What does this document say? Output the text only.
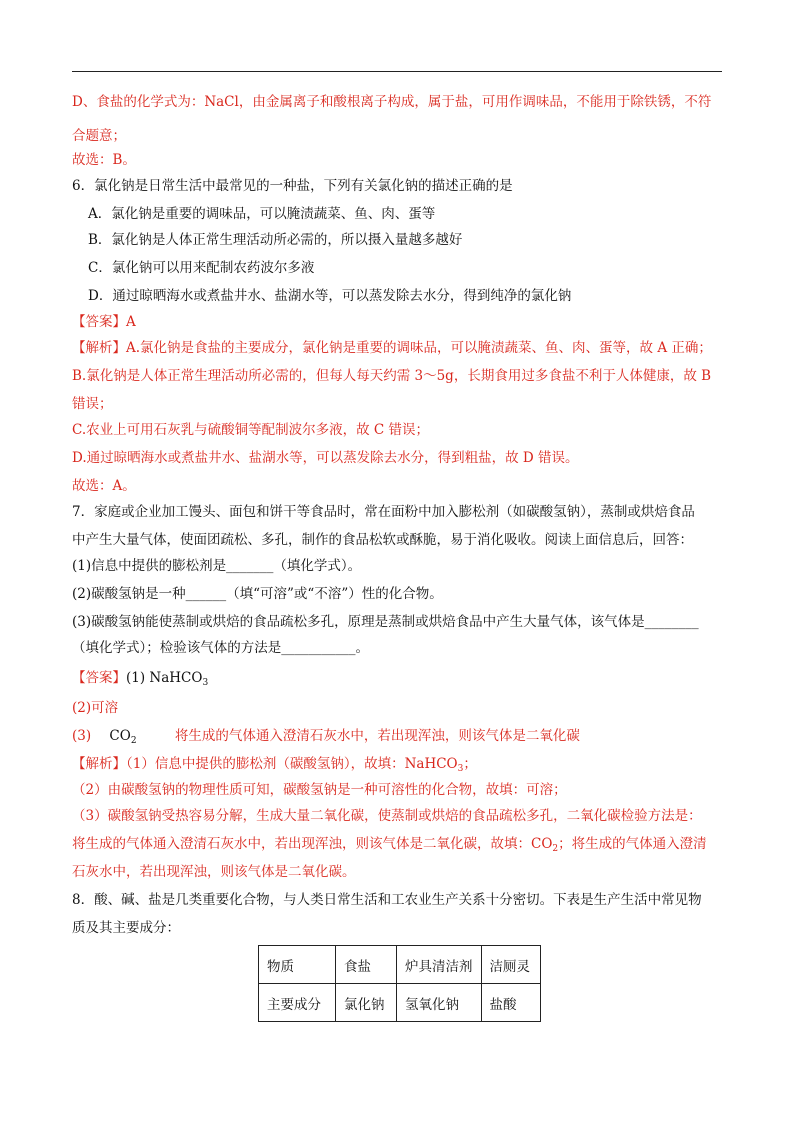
D、食盐的化学式为：NaCl，由金属离子和酸根离子构成，属于盐，可用作调味品，不能用于除铁锈，不符
合题意；
故选：B。
6．氯化钠是日常生活中最常见的一种盐，下列有关氯化钠的描述正确的是
A．氯化钠是重要的调味品，可以腌渍蔬菜、鱼、肉、蛋等
B．氯化钠是人体正常生理活动所必需的，所以摄入量越多越好
C．氯化钠可以用来配制农药波尔多液
D．通过晾晒海水或煮盐井水、盐湖水等，可以蒸发除去水分，得到纯净的氯化钠
【答案】A
【解析】A.氯化钠是食盐的主要成分，氯化钠是重要的调味品，可以腌渍蔬菜、鱼、肉、蛋等，故 A 正确；
B.氯化钠是人体正常生理活动所必需的，但每人每天约需 3～5g，长期食用过多食盐不利于人体健康，故 B
错误；
C.农业上可用石灰乳与硫酸铜等配制波尔多液，故 C 错误；
D.通过晾晒海水或煮盐井水、盐湖水等，可以蒸发除去水分，得到粗盐，故 D 错误。
故选：A。
7．家庭或企业加工馒头、面包和饼干等食品时，常在面粉中加入膨松剂（如碳酸氢钠），蒸制或烘焙食品
中产生大量气体，使面团疏松、多孔，制作的食品松软或酥脆，易于消化吸收。阅读上面信息后，回答：
(1)信息中提供的膨松剂是_______（填化学式）。
(2)碳酸氢钠是一种______（填“可溶”或“不溶”）性的化合物。
(3)碳酸氢钠能使蒸制或烘焙的食品疏松多孔，原理是蒸制或烘焙食品中产生大量气体，该气体是________
（填化学式）；检验该气体的方法是___________。
【答案】(1) NaHCO$_3$
(2)可溶
(3) $CO_2$	将生成的气体通入澄清石灰水中，若出现浑浊，则该气体是二氧化碳
【解析】（1）信息中提供的膨松剂（碳酸氢钠），故填：NaHCO$_3$；
（2）由碳酸氢钠的物理性质可知，碳酸氢钠是一种可溶性的化合物，故填：可溶；
（3）碳酸氢钠受热容易分解，生成大量二氧化碳，使蒸制或烘焙的食品疏松多孔，二氧化碳检验方法是：
将生成的气体通入澄清石灰水中，若出现浑浊，则该气体是二氧化碳，故填：$CO_2$；将生成的气体通入澄清
石灰水中，若出现浑浊，则该气体是二氧化碳。
8．酸、碱、盐是几类重要化合物，与人类日常生活和工农业生产关系十分密切。下表是生产生活中常见物
质及其主要成分：
物质	食盐	炉具清洁剂	洁厕灵
主要成分	氯化钠	氢氧化钠	盐酸
